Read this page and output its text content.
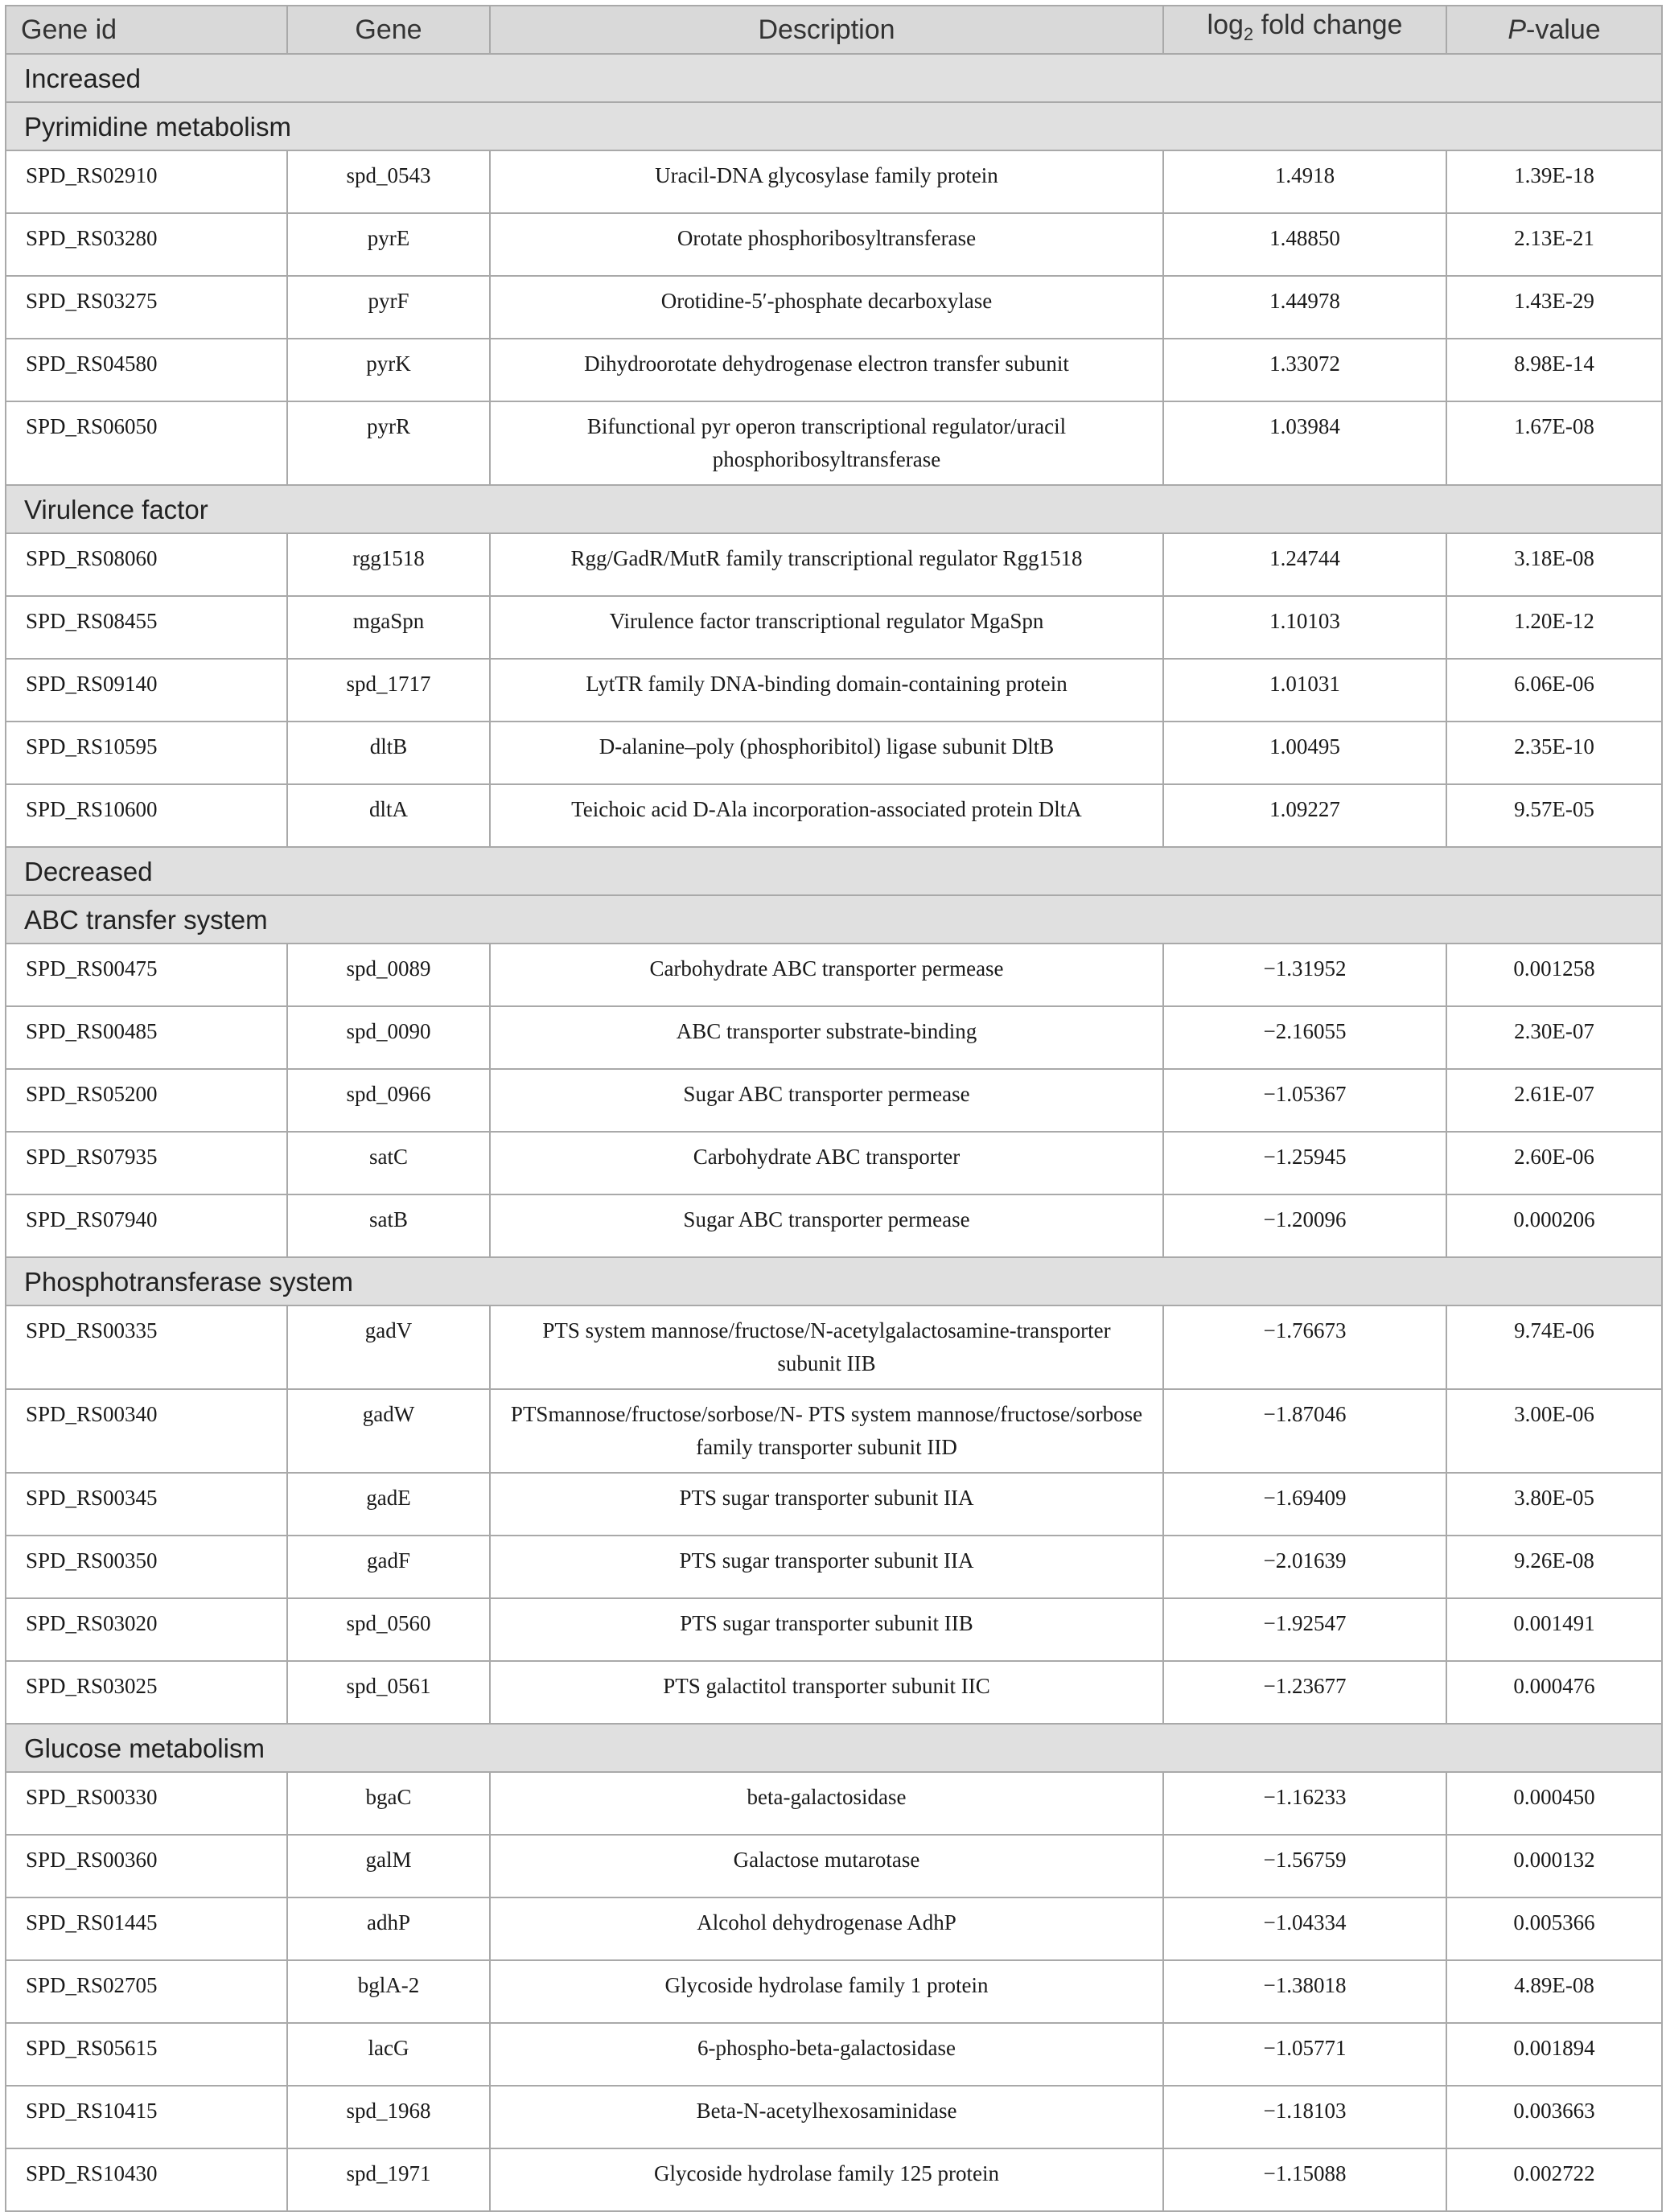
Gene id	Gene	Description	$\log_2$ fold change	P-value
Increased				
Pyrimidine metabolism				
SPD_RS02910	spd_0543	Uracil-DNA glycosylase family protein	1.4918	1.39E-18
SPD_RS03280	pyrE	Orotate phosphoribosyltransferase	1.48850	2.13E-21
SPD_RS03275	pyrF	Orotidine-5′-phosphate decarboxylase	1.44978	1.43E-29
SPD_RS04580	pyrK	Dihydroorotate dehydrogenase electron transfer subunit	1.33072	8.98E-14
SPD_RS06050	pyrR	Bifunctional pyr operon transcriptional regulator/uracil phosphoribosyltransferase	1.03984	1.67E-08
Virulence factor				
SPD_RS08060	rgg1518	Rgg/GadR/MutR family transcriptional regulator Rgg1518	1.24744	3.18E-08
SPD_RS08455	mgaSpn	Virulence factor transcriptional regulator MgaSpn	1.10103	1.20E-12
SPD_RS09140	spd_1717	LytTR family DNA-binding domain-containing protein	1.01031	6.06E-06
SPD_RS10595	dltB	D-alanine–poly (phosphoribitol) ligase subunit DltB	1.00495	2.35E-10
SPD_RS10600	dltA	Teichoic acid D-Ala incorporation-associated protein DltA	1.09227	9.57E-05
Decreased				
ABC transfer system				
SPD_RS00475	spd_0089	Carbohydrate ABC transporter permease	−1.31952	0.001258
SPD_RS00485	spd_0090	ABC transporter substrate-binding	−2.16055	2.30E-07
SPD_RS05200	spd_0966	Sugar ABC transporter permease	−1.05367	2.61E-07
SPD_RS07935	satC	Carbohydrate ABC transporter	−1.25945	2.60E-06
SPD_RS07940	satB	Sugar ABC transporter permease	−1.20096	0.000206
Phosphotransferase system				
SPD_RS00335	gadV	PTS system mannose/fructose/N-acetylgalactosamine-transporter subunit IIB	−1.76673	9.74E-06
SPD_RS00340	gadW	PTSmannose/fructose/sorbose/N- PTS system mannose/fructose/sorbose family transporter subunit IID	−1.87046	3.00E-06
SPD_RS00345	gadE	PTS sugar transporter subunit IIA	−1.69409	3.80E-05
SPD_RS00350	gadF	PTS sugar transporter subunit IIA	−2.01639	9.26E-08
SPD_RS03020	spd_0560	PTS sugar transporter subunit IIB	−1.92547	0.001491
SPD_RS03025	spd_0561	PTS galactitol transporter subunit IIC	−1.23677	0.000476
Glucose metabolism				
SPD_RS00330	bgaC	beta-galactosidase	−1.16233	0.000450
SPD_RS00360	galM	Galactose mutarotase	−1.56759	0.000132
SPD_RS01445	adhP	Alcohol dehydrogenase AdhP	−1.04334	0.005366
SPD_RS02705	bglA-2	Glycoside hydrolase family 1 protein	−1.38018	4.89E-08
SPD_RS05615	lacG	6-phospho-beta-galactosidase	−1.05771	0.001894
SPD_RS10415	spd_1968	Beta-N-acetylhexosaminidase	−1.18103	0.003663
SPD_RS10430	spd_1971	Glycoside hydrolase family 125 protein	−1.15088	0.002722
